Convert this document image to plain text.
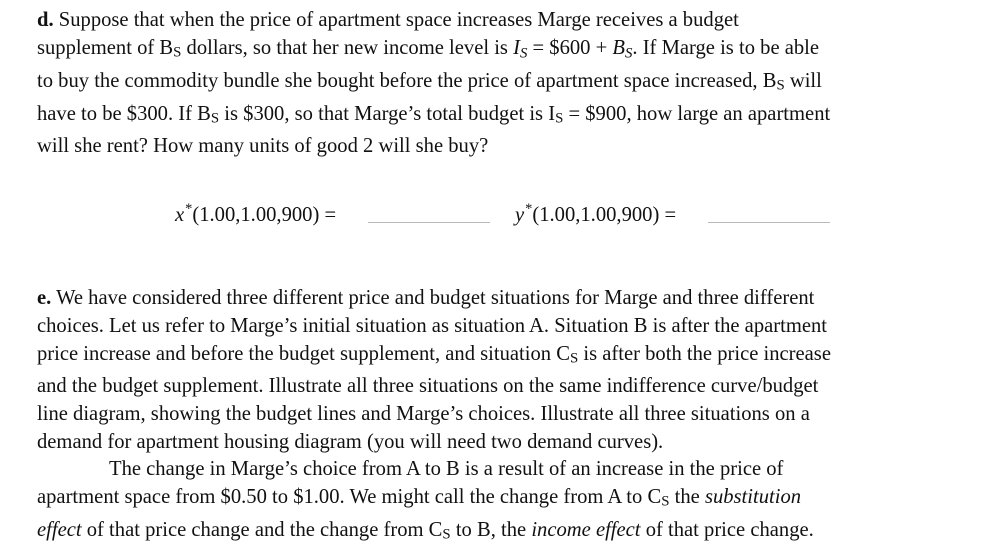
d. Suppose that when the price of apartment space increases Marge receives a budget
supplement of BS dollars, so that her new income level is IS = $600 + BS. If Marge is to be able
to buy the commodity bundle she bought before the price of apartment space increased, BS will
have to be $300. If BS is $300, so that Marge’s total budget is IS = $900, how large an apartment
will she rent? How many units of good 2 will she buy?
x*(1.00,1.00,900) =	y*(1.00,1.00,900) =
e. We have considered three different price and budget situations for Marge and three different
choices. Let us refer to Marge’s initial situation as situation A. Situation B is after the apartment
price increase and before the budget supplement, and situation CS is after both the price increase
and the budget supplement. Illustrate all three situations on the same indifference curve/budget
line diagram, showing the budget lines and Marge’s choices. Illustrate all three situations on a
demand for apartment housing diagram (you will need two demand curves).
The change in Marge’s choice from A to B is a result of an increase in the price of
apartment space from $0.50 to $1.00. We might call the change from A to CS the substitution
effect of that price change and the change from CS to B, the income effect of that price change.
